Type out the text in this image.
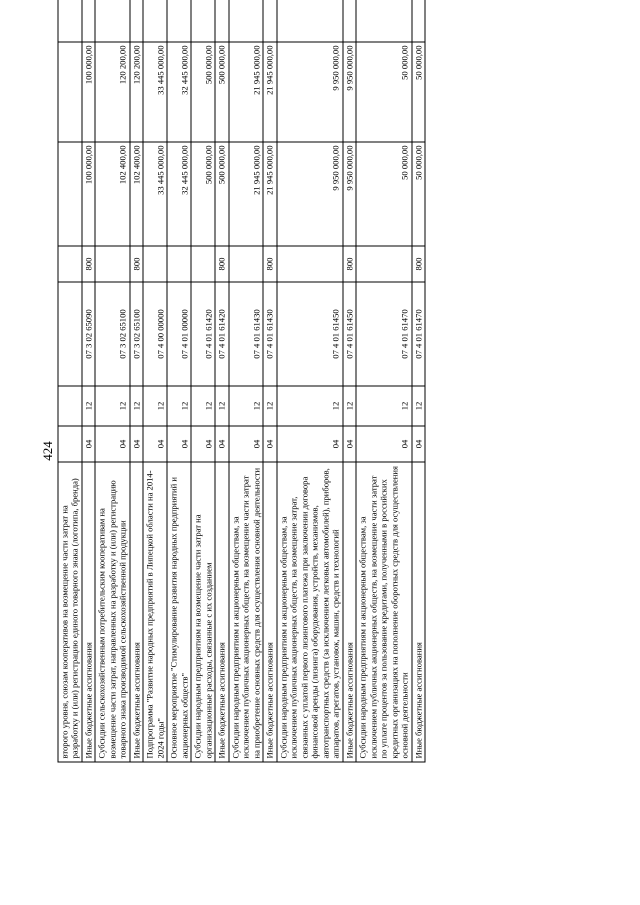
424
второго уровня, союзам кооперативов на возмещение части затрат на разработку и (или) регистрацию единого товарного знака (логотипа, бренда)							
Иные бюджетные ассигнования	04	12	07 3 02 65090	800	100 000,00	100 000,00	
Субсидии сельскохозяйственным потребительским кооперативам на возмещение части затрат, направленных на разработку и (или) регистрацию товарного знака производимой сельскохозяйственной продукции	04	12	07 3 02 65100		102 400,00	120 200,00	
Иные бюджетные ассигнования	04	12	07 3 02 65100	800	102 400,00	120 200,00	
Подпрограмма "Развитие народных предприятий в Липецкой области на 2014-2024 годы"	04	12	07 4 00 00000		33 445 000,00	33 445 000,00	
Основное мероприятие "Стимулирование развития народных предприятий и акционерных обществ"	04	12	07 4 01 00000		32 445 000,00	32 445 000,00	
Субсидии народным предприятиям на возмещение части затрат на организационные расходы, связанные с их созданием	04	12	07 4 01 61420		500 000,00	500 000,00	
Иные бюджетные ассигнования	04	12	07 4 01 61420	800	500 000,00	500 000,00	
Субсидии народным предприятиям и акционерным обществам, за исключением публичных акционерных обществ, на возмещение части затрат на приобретение основных средств для осуществления основной деятельности	04	12	07 4 01 61430		21 945 000,00	21 945 000,00	
Иные бюджетные ассигнования	04	12	07 4 01 61430	800	21 945 000,00	21 945 000,00	
Субсидии народным предприятиям и акционерным обществам, за исключением публичных акционерных обществ, на возмещение затрат, связанных с уплатой первого лизингового платежа при заключении договора финансовой аренды (лизинга) оборудования, устройств, механизмов, автотранспортных средств (за исключением легковых автомобилей), приборов, аппаратов, агрегатов, установок, машин, средств и технологий	04	12	07 4 01 61450		9 950 000,00	9 950 000,00	
Иные бюджетные ассигнования	04	12	07 4 01 61450	800	9 950 000,00	9 950 000,00	
Субсидии народным предприятиям и акционерным обществам, за исключением публичных акционерных обществ, на возмещение части затрат по уплате процентов за пользование кредитами, полученными в российских кредитных организациях на пополнение оборотных средств для осуществления основной деятельности	04	12	07 4 01 61470		50 000,00	50 000,00	
Иные бюджетные ассигнования	04	12	07 4 01 61470	800	50 000,00	50 000,00	
